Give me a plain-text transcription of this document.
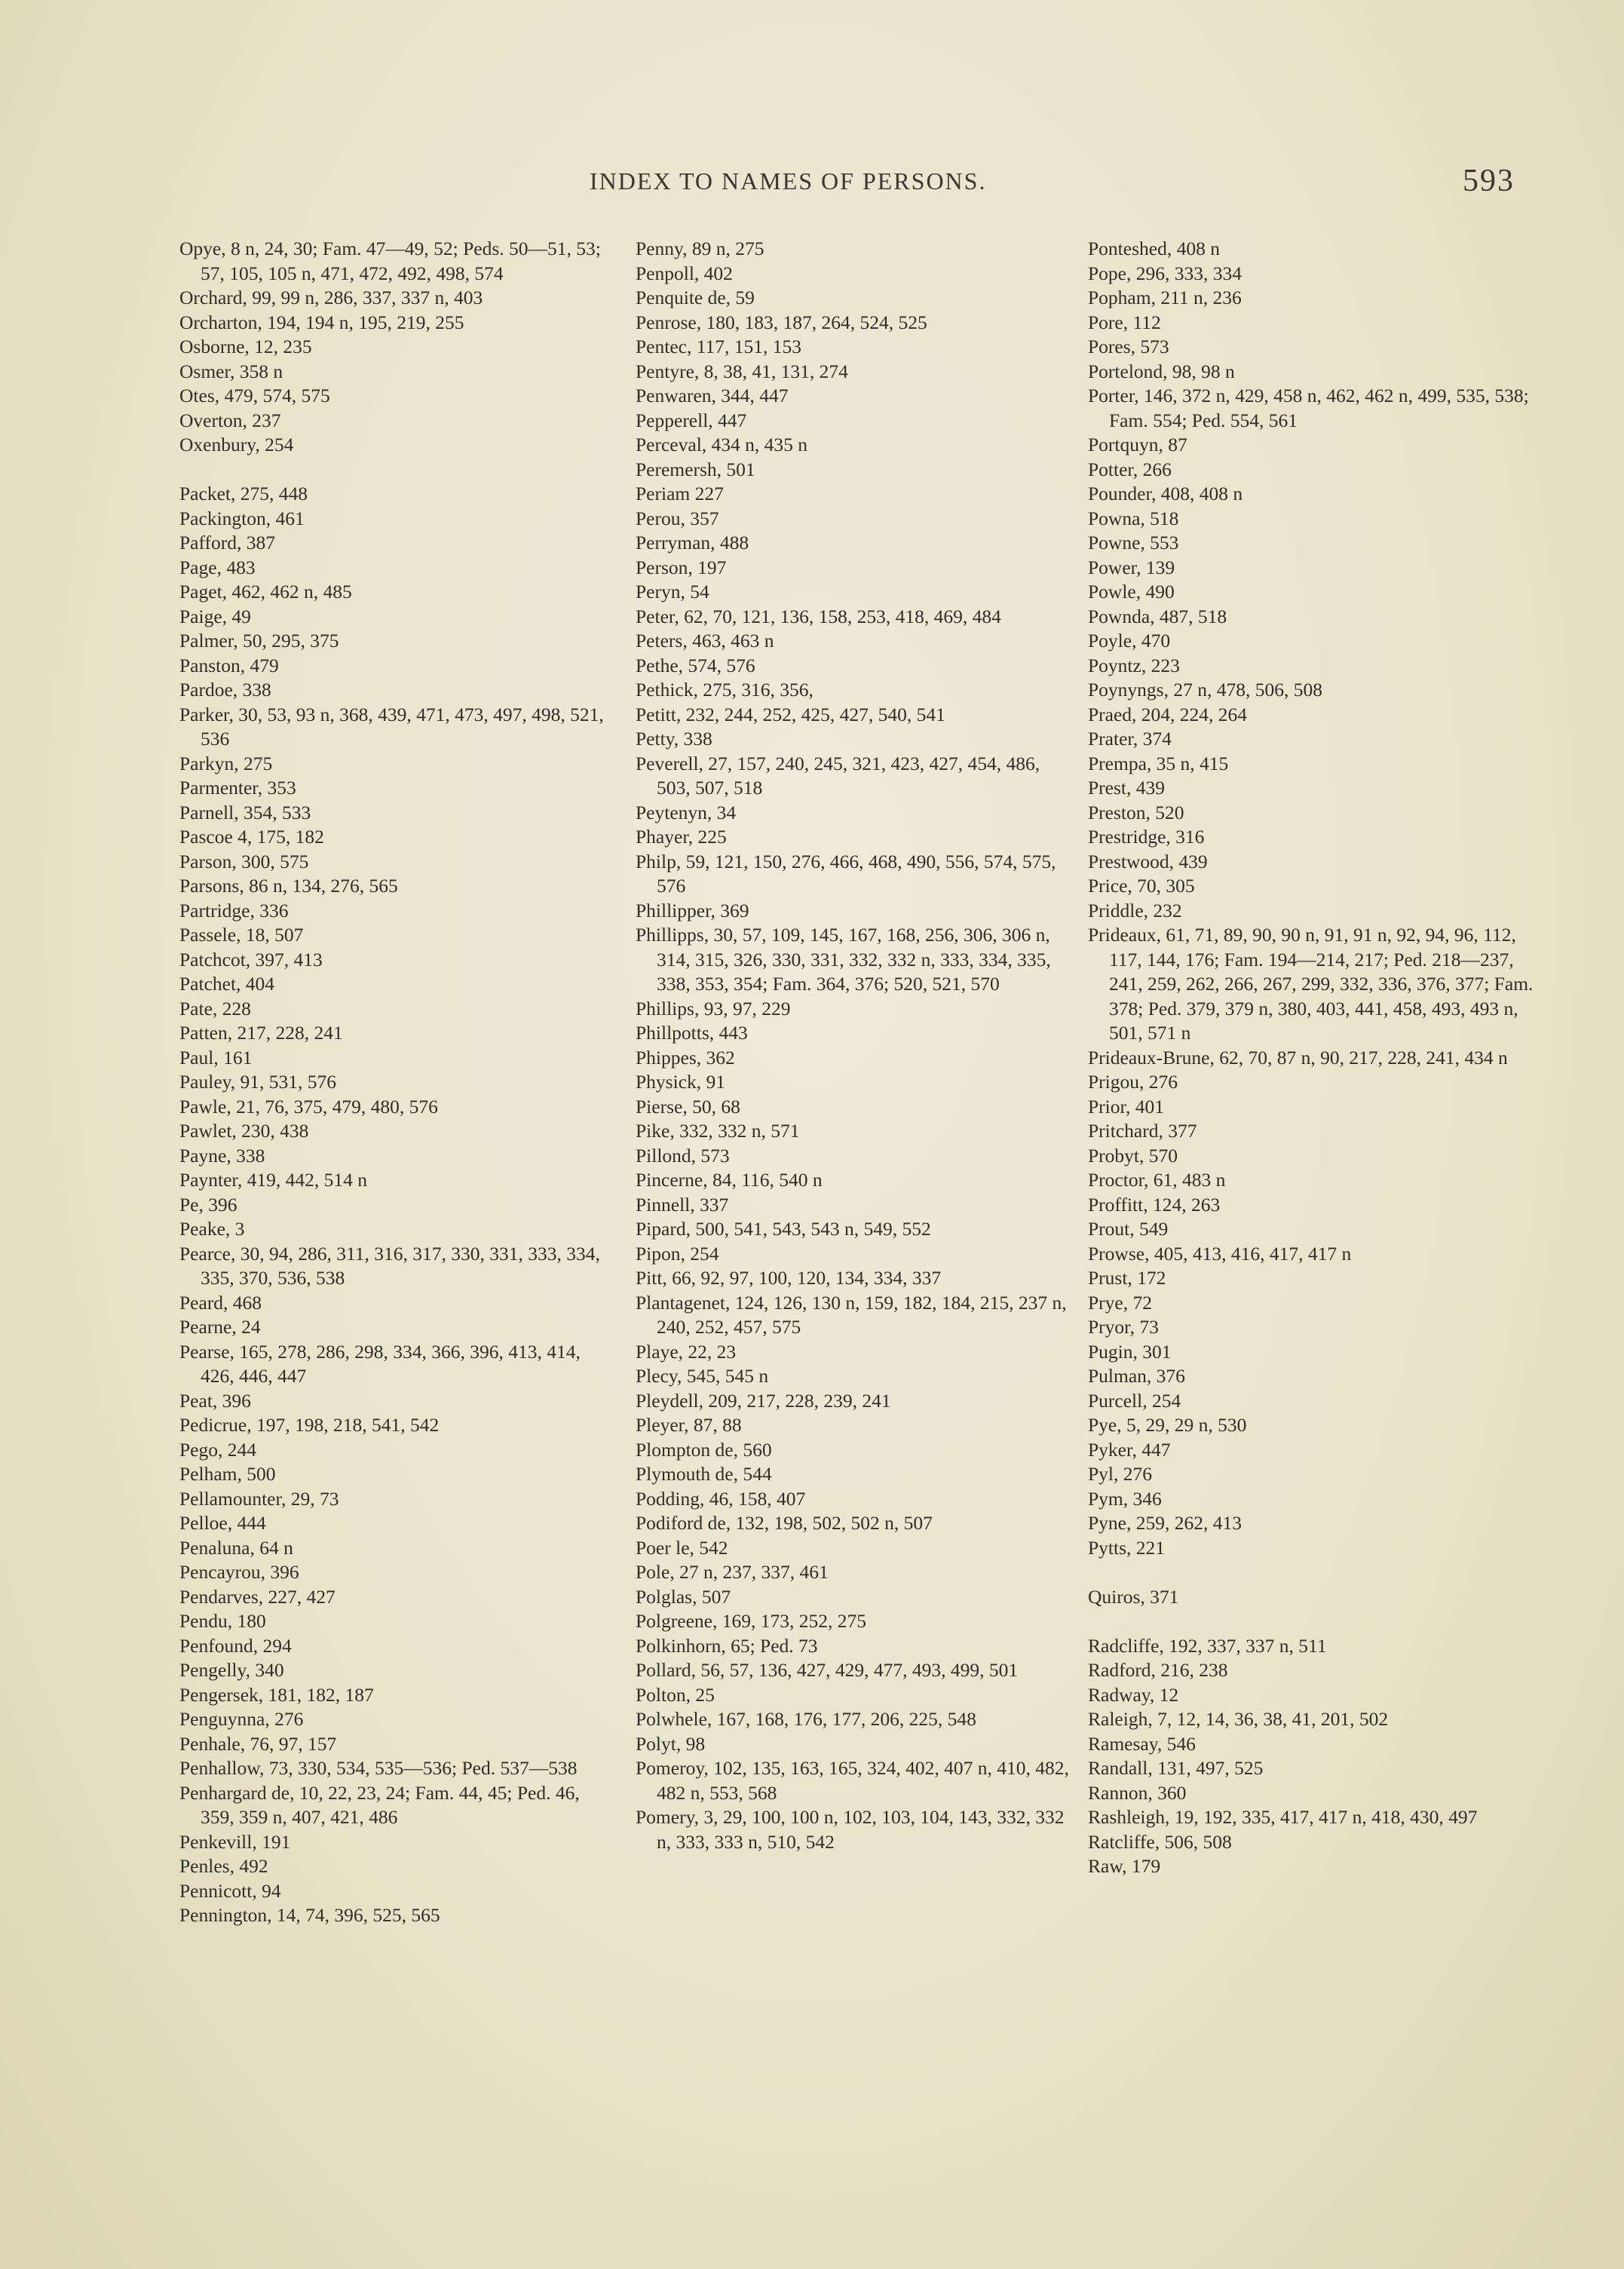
INDEX TO NAMES OF PERSONS.	593
Opye, 8 n, 24, 30; Fam. 47—49, 52; Peds. 50—51, 53; 57, 105, 105 n, 471, 472, 492, 498, 574
Orchard, 99, 99 n, 286, 337, 337 n, 403
Orcharton, 194, 194 n, 195, 219, 255
Osborne, 12, 235
Osmer, 358 n
Otes, 479, 574, 575
Overton, 237
Oxenbury, 254
Packet, 275, 448
Packington, 461
Pafford, 387
Page, 483
Paget, 462, 462 n, 485
Paige, 49
Palmer, 50, 295, 375
Panston, 479
Pardoe, 338
Parker, 30, 53, 93 n, 368, 439, 471, 473, 497, 498, 521, 536
Parkyn, 275
Parmenter, 353
Parnell, 354, 533
Pascoe 4, 175, 182
Parson, 300, 575
Parsons, 86 n, 134, 276, 565
Partridge, 336
Passele, 18, 507
Patchcot, 397, 413
Patchet, 404
Pate, 228
Patten, 217, 228, 241
Paul, 161
Pauley, 91, 531, 576
Pawle, 21, 76, 375, 479, 480, 576
Pawlet, 230, 438
Payne, 338
Paynter, 419, 442, 514 n
Pe, 396
Peake, 3
Pearce, 30, 94, 286, 311, 316, 317, 330, 331, 333, 334, 335, 370, 536, 538
Peard, 468
Pearne, 24
Pearse, 165, 278, 286, 298, 334, 366, 396, 413, 414, 426, 446, 447
Peat, 396
Pedicrue, 197, 198, 218, 541, 542
Pego, 244
Pelham, 500
Pellamounter, 29, 73
Pelloe, 444
Penaluna, 64 n
Pencayrou, 396
Pendarves, 227, 427
Pendu, 180
Penfound, 294
Pengelly, 340
Pengersek, 181, 182, 187
Penguynna, 276
Penhale, 76, 97, 157
Penhallow, 73, 330, 534, 535—536; Ped. 537—538
Penhargard de, 10, 22, 23, 24; Fam. 44, 45; Ped. 46, 359, 359 n, 407, 421, 486
Penkevill, 191
Penles, 492
Pennicott, 94
Pennington, 14, 74, 396, 525, 565
Penny, 89 n, 275
Penpoll, 402
Penquite de, 59
Penrose, 180, 183, 187, 264, 524, 525
Pentec, 117, 151, 153
Pentyre, 8, 38, 41, 131, 274
Penwaren, 344, 447
Pepperell, 447
Perceval, 434 n, 435 n
Peremersh, 501
Periam 227
Perou, 357
Perryman, 488
Person, 197
Peryn, 54
Peter, 62, 70, 121, 136, 158, 253, 418, 469, 484
Peters, 463, 463 n
Pethe, 574, 576
Pethick, 275, 316, 356,
Petitt, 232, 244, 252, 425, 427, 540, 541
Petty, 338
Peverell, 27, 157, 240, 245, 321, 423, 427, 454, 486, 503, 507, 518
Peytenyn, 34
Phayer, 225
Philp, 59, 121, 150, 276, 466, 468, 490, 556, 574, 575, 576
Phillipper, 369
Phillipps, 30, 57, 109, 145, 167, 168, 256, 306, 306 n, 314, 315, 326, 330, 331, 332, 332 n, 333, 334, 335, 338, 353, 354; Fam. 364, 376; 520, 521, 570
Phillips, 93, 97, 229
Phillpotts, 443
Phippes, 362
Physick, 91
Pierse, 50, 68
Pike, 332, 332 n, 571
Pillond, 573
Pincerne, 84, 116, 540 n
Pinnell, 337
Pipard, 500, 541, 543, 543 n, 549, 552
Pipon, 254
Pitt, 66, 92, 97, 100, 120, 134, 334, 337
Plantagenet, 124, 126, 130 n, 159, 182, 184, 215, 237 n, 240, 252, 457, 575
Playe, 22, 23
Plecy, 545, 545 n
Pleydell, 209, 217, 228, 239, 241
Pleyer, 87, 88
Plompton de, 560
Plymouth de, 544
Podding, 46, 158, 407
Podiford de, 132, 198, 502, 502 n, 507
Poer le, 542
Pole, 27 n, 237, 337, 461
Polglas, 507
Polgreene, 169, 173, 252, 275
Polkinhorn, 65; Ped. 73
Pollard, 56, 57, 136, 427, 429, 477, 493, 499, 501
Polton, 25
Polwhele, 167, 168, 176, 177, 206, 225, 548
Polyt, 98
Pomeroy, 102, 135, 163, 165, 324, 402, 407 n, 410, 482, 482 n, 553, 568
Pomery, 3, 29, 100, 100 n, 102, 103, 104, 143, 332, 332 n, 333, 333 n, 510, 542
Ponteshed, 408 n
Pope, 296, 333, 334
Popham, 211 n, 236
Pore, 112
Pores, 573
Portelond, 98, 98 n
Porter, 146, 372 n, 429, 458 n, 462, 462 n, 499, 535, 538; Fam. 554; Ped. 554, 561
Portquyn, 87
Potter, 266
Pounder, 408, 408 n
Powna, 518
Powne, 553
Power, 139
Powle, 490
Pownda, 487, 518
Poyle, 470
Poyntz, 223
Poynyngs, 27 n, 478, 506, 508
Praed, 204, 224, 264
Prater, 374
Prempa, 35 n, 415
Prest, 439
Preston, 520
Prestridge, 316
Prestwood, 439
Price, 70, 305
Priddle, 232
Prideaux, 61, 71, 89, 90, 90 n, 91, 91 n, 92, 94, 96, 112, 117, 144, 176; Fam. 194—214, 217; Ped. 218—237, 241, 259, 262, 266, 267, 299, 332, 336, 376, 377; Fam. 378; Ped. 379, 379 n, 380, 403, 441, 458, 493, 493 n, 501, 571 n
Prideaux-Brune, 62, 70, 87 n, 90, 217, 228, 241, 434 n
Prigou, 276
Prior, 401
Pritchard, 377
Probyt, 570
Proctor, 61, 483 n
Proffitt, 124, 263
Prout, 549
Prowse, 405, 413, 416, 417, 417 n
Prust, 172
Prye, 72
Pryor, 73
Pugin, 301
Pulman, 376
Purcell, 254
Pye, 5, 29, 29 n, 530
Pyker, 447
Pyl, 276
Pym, 346
Pyne, 259, 262, 413
Pytts, 221
Quiros, 371
Radcliffe, 192, 337, 337 n, 511
Radford, 216, 238
Radway, 12
Raleigh, 7, 12, 14, 36, 38, 41, 201, 502
Ramesay, 546
Randall, 131, 497, 525
Rannon, 360
Rashleigh, 19, 192, 335, 417, 417 n, 418, 430, 497
Ratcliffe, 506, 508
Raw, 179
